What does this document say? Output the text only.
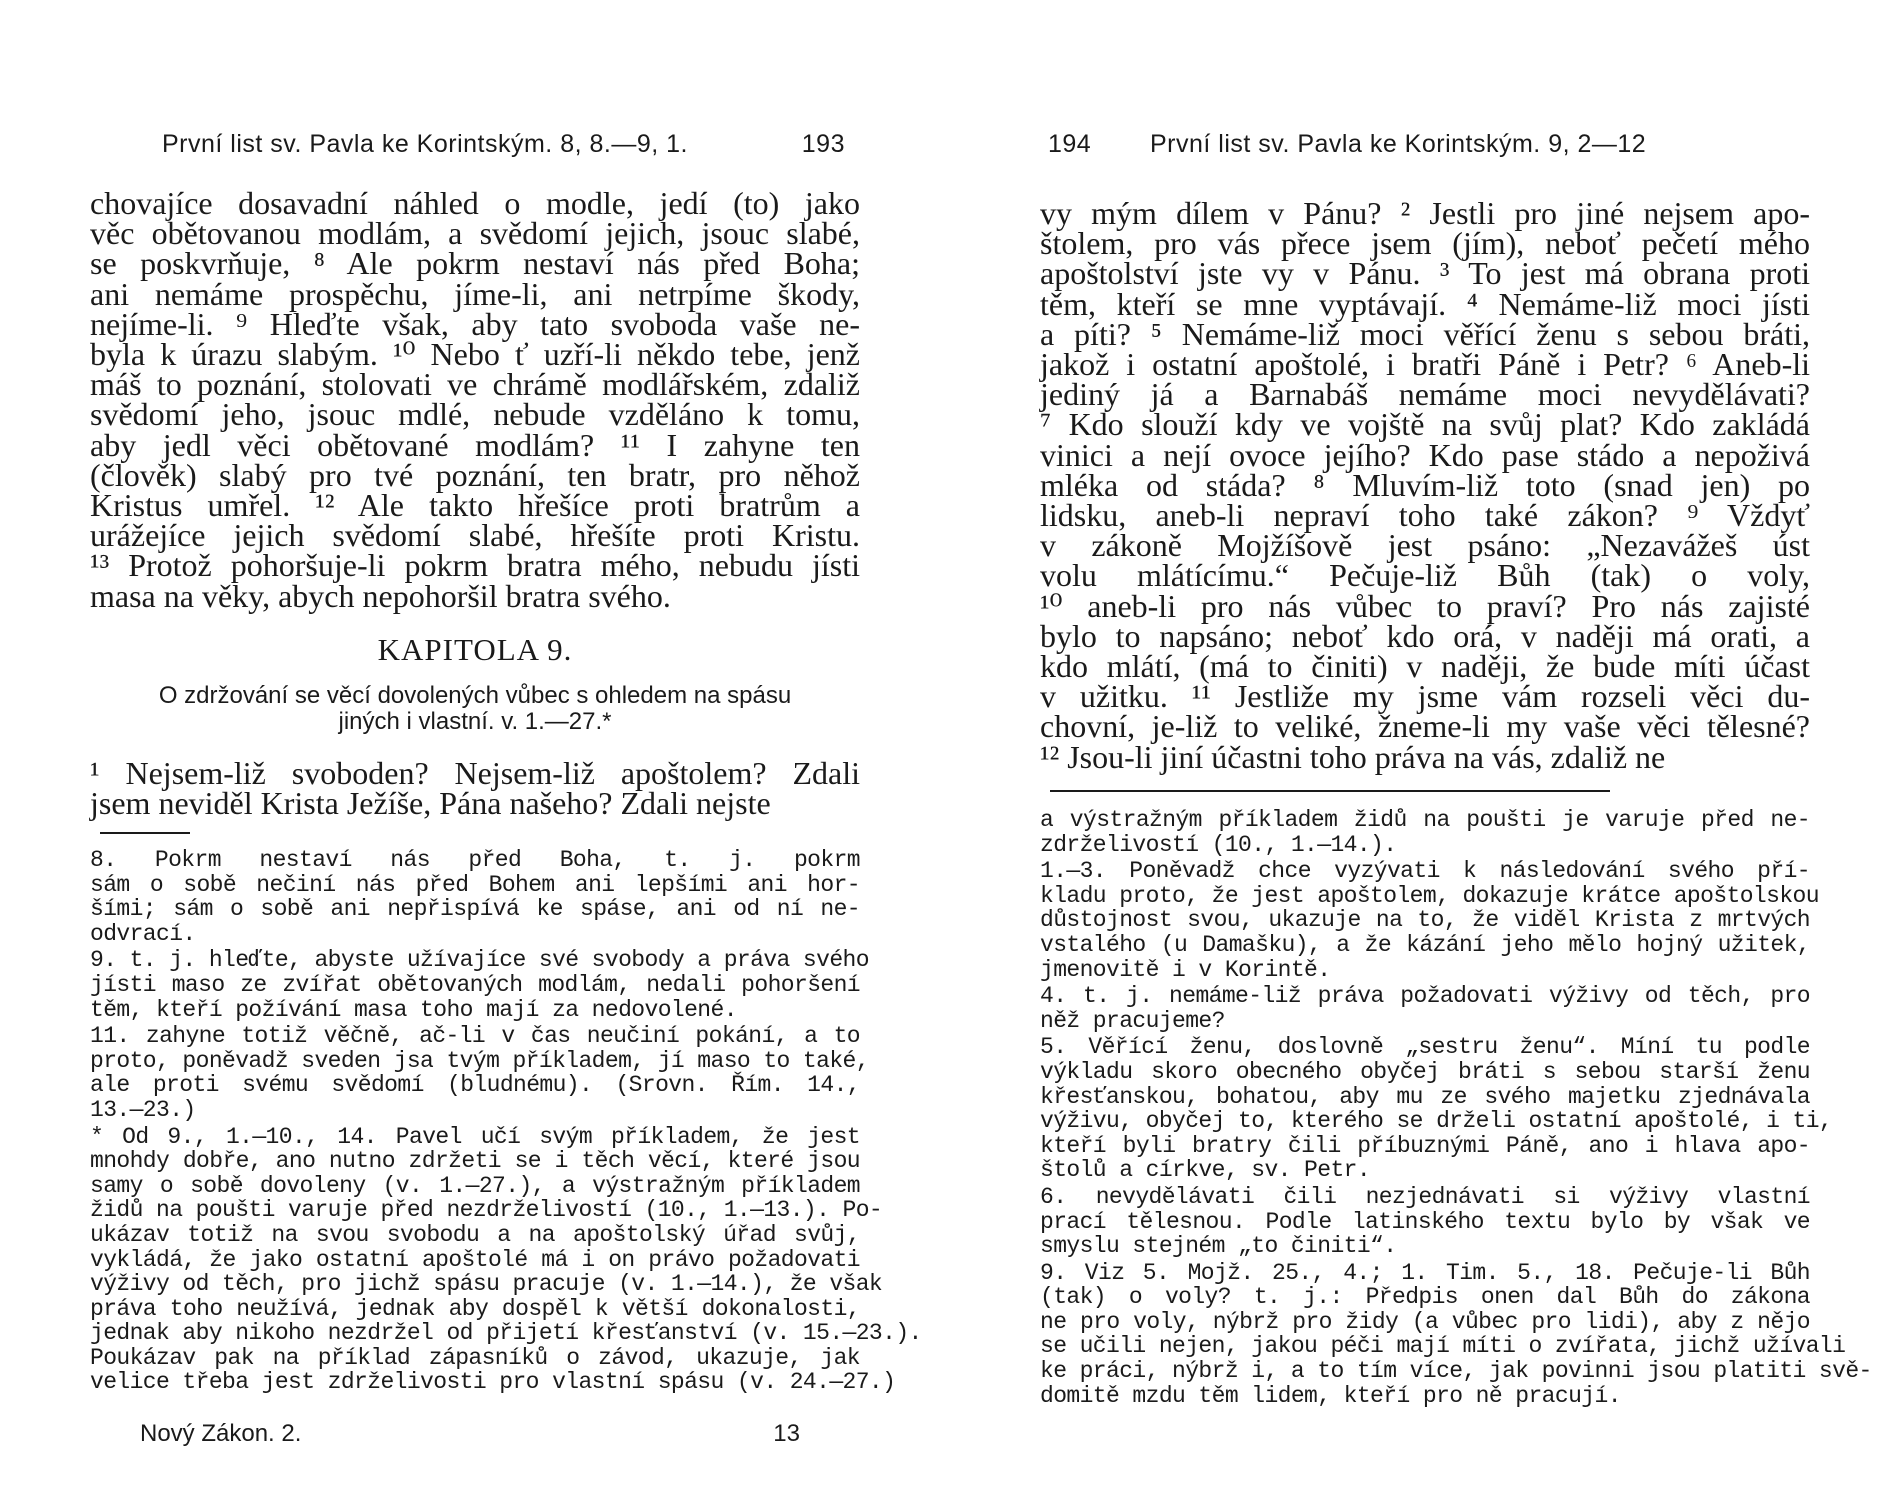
První list sv. Pavla ke Korintským. 8, 8.—9, 1.	193
chovajíce dosavadní náhled o modle, jedí (to) jako
věc obětovanou modlám, a svědomí jejich, jsouc slabé,
se poskvrňuje, ⁸ Ale pokrm nestaví nás před Boha;
ani nemáme prospěchu, jíme-li, ani netrpíme škody,
nejíme-li. ⁹ Hleďte však, aby tato svoboda vaše ne-
byla k úrazu slabým. ¹⁰ Nebo ť uzří-li někdo tebe, jenž
máš to poznání, stolovati ve chrámě modlářském, zdaliž
svědomí jeho, jsouc mdlé, nebude vzděláno k tomu,
aby jedl věci obětované modlám? ¹¹ I zahyne ten
(člověk) slabý pro tvé poznání, ten bratr, pro něhož
Kristus umřel. ¹² Ale takto hřešíce proti bratrům a
urážejíce jejich svědomí slabé, hřešíte proti Kristu.
¹³ Protož pohoršuje-li pokrm bratra mého, nebudu jísti
masa na věky, abych nepohoršil bratra svého.
KAPITOLA 9.
O zdržování se věcí dovolených vůbec s ohledem na spásu
jiných i vlastní. v. 1.—27.*
¹ Nejsem-liž svoboden? Nejsem-liž apoštolem? Zdali
jsem neviděl Krista Ježíše, Pána našeho? Zdali nejste
8. Pokrm nestaví nás před Boha, t. j. pokrm
sám o sobě nečiní nás před Bohem ani lepšími ani hor-
šími; sám o sobě ani nepřispívá ke spáse, ani od ní ne-
odvrací.
9. t. j. hleďte, abyste užívajíce své svobody a práva svého
jísti maso ze zvířat obětovaných modlám, nedali pohoršení
těm, kteří požívání masa toho mají za nedovolené.
11. zahyne totiž věčně, ač-li v čas neučiní pokání, a to
proto, poněvadž sveden jsa tvým příkladem, jí maso to také,
ale proti svému svědomí (bludnému). (Srovn. Řím. 14.,
13.—23.)
* Od 9., 1.—10., 14. Pavel učí svým příkladem, že jest
mnohdy dobře, ano nutno zdržeti se i těch věcí, které jsou
samy o sobě dovoleny (v. 1.—27.), a výstražným příkladem
židů na poušti varuje před nezdrželivostí (10., 1.—13.). Po-
ukázav totiž na svou svobodu a na apoštolský úřad svůj,
vykládá, že jako ostatní apoštolé má i on právo požadovati
výživy od těch, pro jichž spásu pracuje (v. 1.—14.), že však
práva toho neužívá, jednak aby dospěl k větší dokonalosti,
jednak aby nikoho nezdržel od přijetí křesťanství (v. 15.—23.).
Poukázav pak na příklad zápasníků o závod, ukazuje, jak
velice třeba jest zdrželivosti pro vlastní spásu (v. 24.—27.)
Nový Zákon. 2.	13
194 První list sv. Pavla ke Korintským. 9, 2—12
vy mým dílem v Pánu? ² Jestli pro jiné nejsem apo-
štolem, pro vás přece jsem (jím), neboť pečetí mého
apoštolství jste vy v Pánu. ³ To jest má obrana proti
těm, kteří se mne vyptávají. ⁴ Nemáme-liž moci jísti
a píti? ⁵ Nemáme-liž moci věřící ženu s sebou bráti,
jakož i ostatní apoštolé, i bratři Páně i Petr? ⁶ Aneb-li
jediný já a Barnabáš nemáme moci nevydělávati?
⁷ Kdo slouží kdy ve vojště na svůj plat? Kdo zakládá
vinici a nejí ovoce jejího? Kdo pase stádo a nepoživá
mléka od stáda? ⁸ Mluvím-liž toto (snad jen) po
lidsku, aneb-li nepraví toho také zákon? ⁹ Vždyť
v zákoně Mojžíšově jest psáno: „Nezavážeš úst
volu mlátícímu.“ Pečuje-liž Bůh (tak) o voly,
¹⁰ aneb-li pro nás vůbec to praví? Pro nás zajisté
bylo to napsáno; neboť kdo orá, v naději má orati, a
kdo mlátí, (má to činiti) v naději, že bude míti účast
v užitku. ¹¹ Jestliže my jsme vám rozseli věci du-
chovní, je-liž to veliké, žneme-li my vaše věci tělesné?
¹² Jsou-li jiní účastni toho práva na vás, zdaliž ne
a výstražným příkladem židů na poušti je varuje před ne-
zdrželivostí (10., 1.—14.).
1.—3. Poněvadž chce vyzývati k následování svého pří-
kladu proto, že jest apoštolem, dokazuje krátce apoštolskou
důstojnost svou, ukazuje na to, že viděl Krista z mrtvých
vstalého (u Damašku), a že kázání jeho mělo hojný užitek,
jmenovitě i v Korintě.
4. t. j. nemáme-liž práva požadovati výživy od těch, pro
něž pracujeme?
5. Věřící ženu, doslovně „sestru ženu“. Míní tu podle
výkladu skoro obecného obyčej bráti s sebou starší ženu
křesťanskou, bohatou, aby mu ze svého majetku zjednávala
výživu, obyčej to, kterého se drželi ostatní apoštolé, i ti,
kteří byli bratry čili příbuznými Páně, ano i hlava apo-
štolů a církve, sv. Petr.
6. nevydělávati čili nezjednávati si výživy vlastní
prací tělesnou. Podle latinského textu bylo by však ve
smyslu stejném „to činiti“.
9. Viz 5. Mojž. 25., 4.; 1. Tim. 5., 18. Pečuje-li Bůh
(tak) o voly? t. j.: Předpis onen dal Bůh do zákona
ne pro voly, nýbrž pro židy (a vůbec pro lidi), aby z nějo
se učili nejen, jakou péči mají míti o zvířata, jichž užívali
ke práci, nýbrž i, a to tím více, jak povinni jsou platiti svě-
domitě mzdu těm lidem, kteří pro ně pracují.
